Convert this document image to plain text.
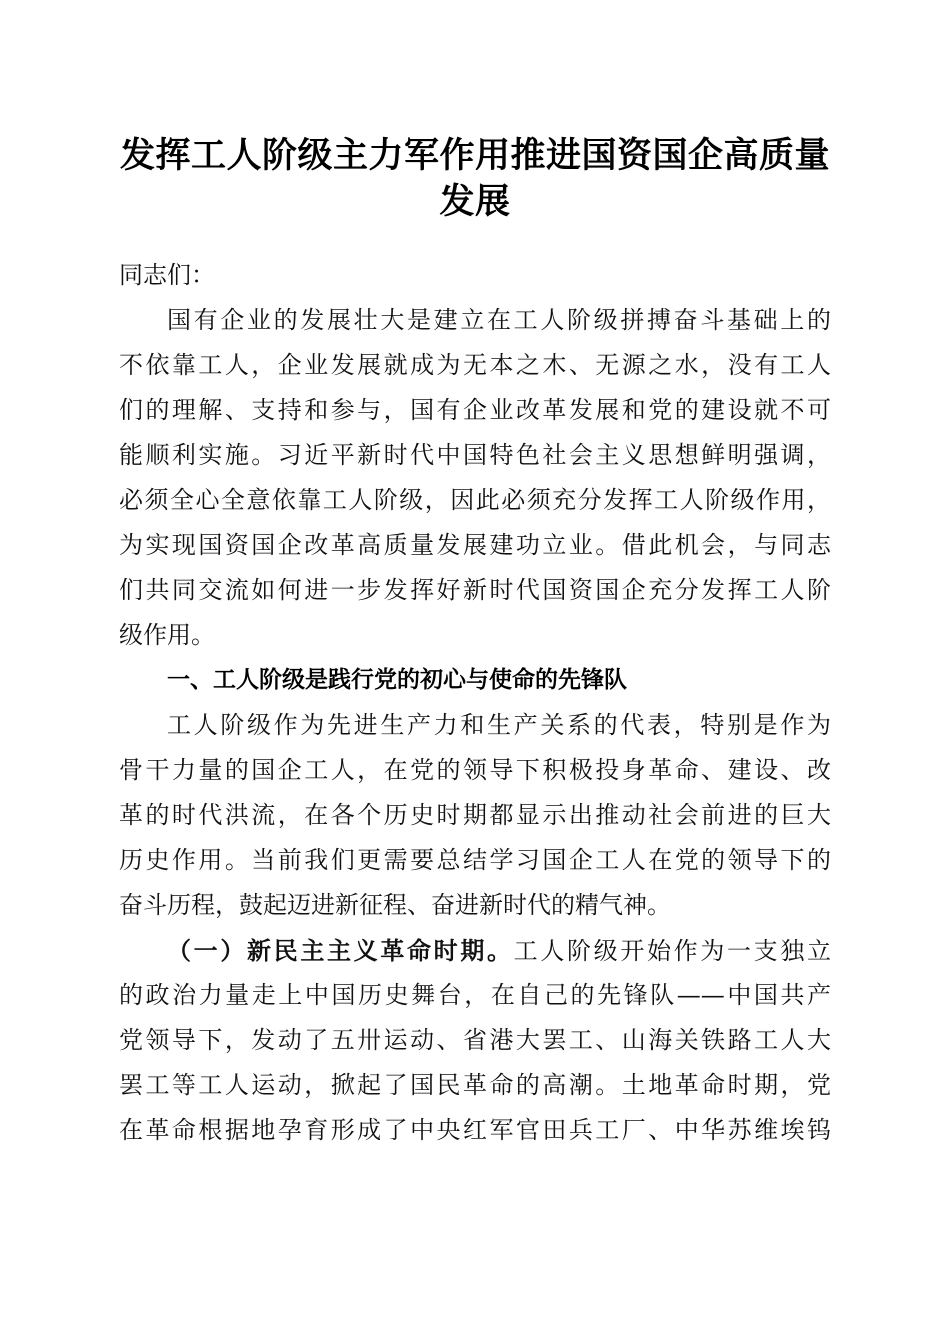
发挥工人阶级主力军作用推进国资国企高质量
发展
同志们：
国有企业的发展壮大是建立在工人阶级拼搏奋斗基础上的
不依靠工人，企业发展就成为无本之木、无源之水，没有工人
们的理解、支持和参与，国有企业改革发展和党的建设就不可
能顺利实施。习近平新时代中国特色社会主义思想鲜明强调，
必须全心全意依靠工人阶级，因此必须充分发挥工人阶级作用，
为实现国资国企改革高质量发展建功立业。借此机会，与同志
们共同交流如何进一步发挥好新时代国资国企充分发挥工人阶
级作用。
一、工人阶级是践行党的初心与使命的先锋队
工人阶级作为先进生产力和生产关系的代表，特别是作为
骨干力量的国企工人，在党的领导下积极投身革命、建设、改
革的时代洪流，在各个历史时期都显示出推动社会前进的巨大
历史作用。当前我们更需要总结学习国企工人在党的领导下的
奋斗历程，鼓起迈进新征程、奋进新时代的精气神。
（一）新民主主义革命时期。工人阶级开始作为一支独立
的政治力量走上中国历史舞台，在自己的先锋队——中国共产
党领导下，发动了五卅运动、省港大罢工、山海关铁路工人大
罢工等工人运动，掀起了国民革命的高潮。土地革命时期，党
在革命根据地孕育形成了中央红军官田兵工厂、中华苏维埃钨
